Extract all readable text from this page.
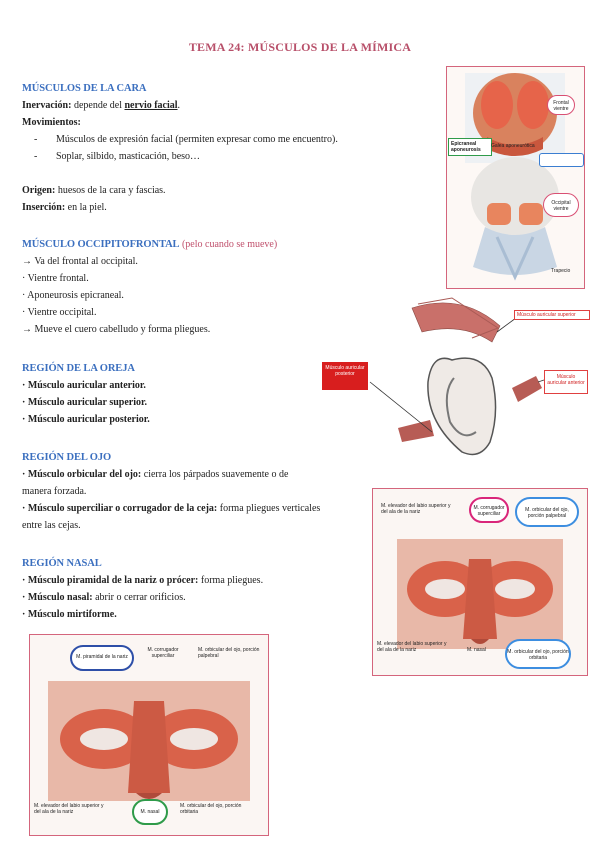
TEMA 24: MÚSCULOS DE LA MÍMICA
MÚSCULOS DE LA CARA
Inervación: depende del nervio facial.
Movimientos:
- Músculos de expresión facial (permiten expresar como me encuentro).
- Soplar, silbido, masticación, beso…
Origen: huesos de la cara y fascias.
Inserción: en la piel.
MÚSCULO OCCIPITOFRONTAL (pelo cuando se mueve)
→ Va del frontal al occipital.
· Vientre frontal.
· Aponeurosis epicraneal.
· Vientre occipital.
→ Mueve el cuero cabelludo y forma pliegues.
REGIÓN DE LA OREJA
· Músculo auricular anterior.
· Músculo auricular superior.
· Músculo auricular posterior.
REGIÓN DEL OJO
· Músculo orbicular del ojo: cierra los párpados suavemente o de
manera forzada.
· Músculo superciliar o corrugador de la ceja: forma pliegues verticales
entre las cejas.
REGIÓN NASAL
· Músculo piramidal de la nariz o prócer: forma pliegues.
· Músculo nasal: abrir o cerrar orificios.
· Músculo mirtiforme.
Frontal vientre
Epicraneal aponeurosis
Galea aponeurótica
Occipital vientre
Trapecio
Músculo auricular superior
Músculo auricular posterior	Músculo auricular anterior
M. elevador del labio superior y del ala de la nariz
M. corrugador superciliar
M. orbicular del ojo, porción palpebral
M. elevador del labio superior y del ala de la nariz	M. nasal	M. orbicular del ojo, porción orbitaria
M. piramidal de la nariz
M. corrugador superciliar
M. orbicular del ojo, porción palpebral
M. elevador del labio superior y del ala de la nariz	M. nasal
M. orbicular del ojo, porción orbitaria
